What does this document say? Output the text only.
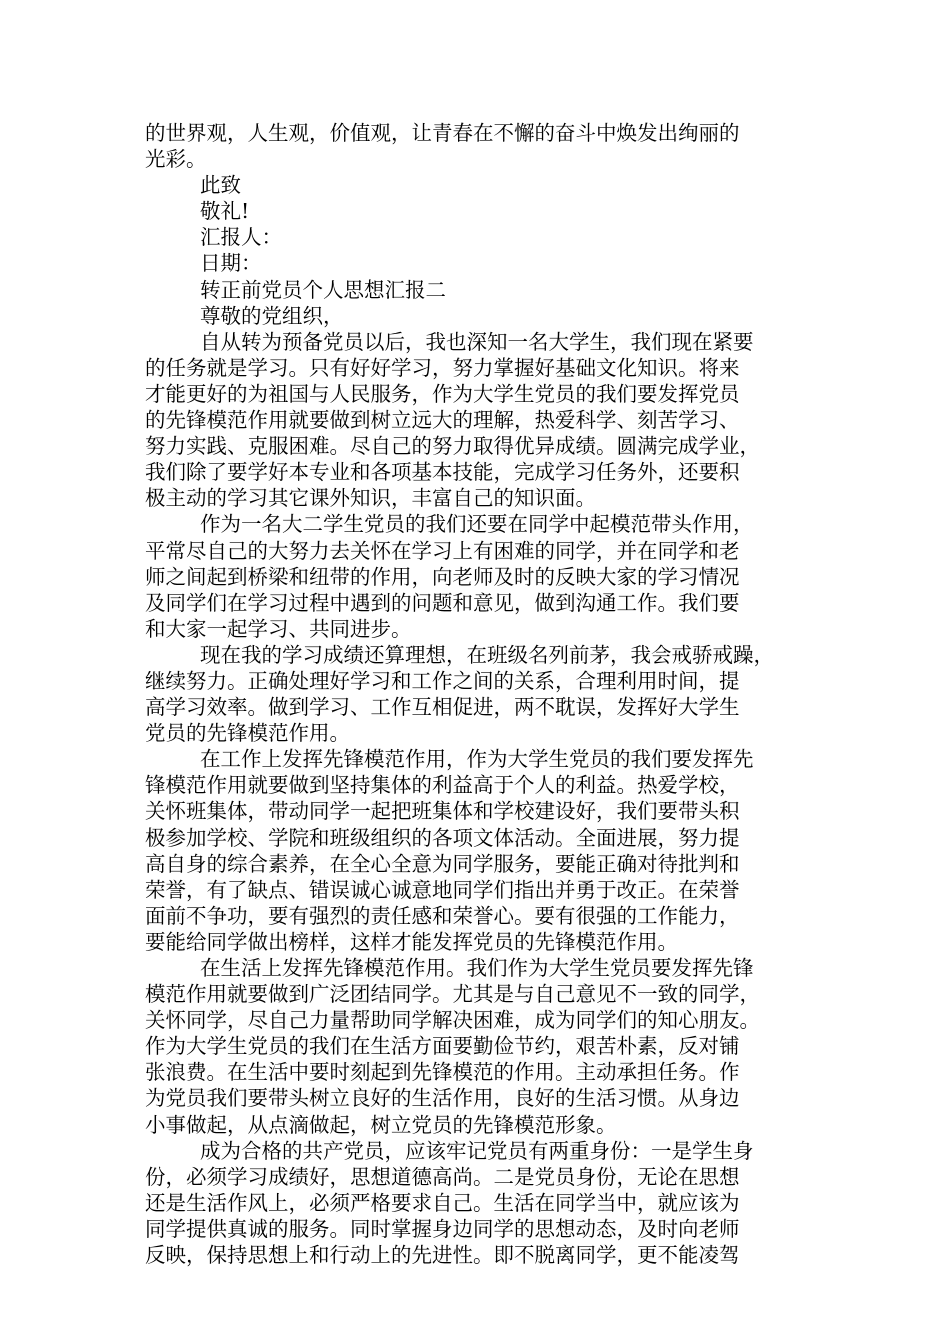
的世界观，人生观，价值观，让青春在不懈的奋斗中焕发出绚丽的
光彩。
此致
敬礼!
汇报人：
日期：
转正前党员个人思想汇报二
尊敬的党组织，
自从转为预备党员以后，我也深知一名大学生，我们现在紧要
的任务就是学习。只有好好学习，努力掌握好基础文化知识。将来
才能更好的为祖国与人民服务，作为大学生党员的我们要发挥党员
的先锋模范作用就要做到树立远大的理解，热爱科学、刻苦学习、
努力实践、克服困难。尽自己的努力取得优异成绩。圆满完成学业，
我们除了要学好本专业和各项基本技能，完成学习任务外，还要积
极主动的学习其它课外知识，丰富自己的知识面。
作为一名大二学生党员的我们还要在同学中起模范带头作用，
平常尽自己的大努力去关怀在学习上有困难的同学，并在同学和老
师之间起到桥梁和纽带的作用，向老师及时的反映大家的学习情况
及同学们在学习过程中遇到的问题和意见，做到沟通工作。我们要
和大家一起学习、共同进步。
现在我的学习成绩还算理想，在班级名列前茅，我会戒骄戒躁，
继续努力。正确处理好学习和工作之间的关系，合理利用时间，提
高学习效率。做到学习、工作互相促进，两不耽误，发挥好大学生
党员的先锋模范作用。
在工作上发挥先锋模范作用，作为大学生党员的我们要发挥先
锋模范作用就要做到坚持集体的利益高于个人的利益。热爱学校，
关怀班集体，带动同学一起把班集体和学校建设好，我们要带头积
极参加学校、学院和班级组织的各项文体活动。全面进展，努力提
高自身的综合素养，在全心全意为同学服务，要能正确对待批判和
荣誉，有了缺点、错误诚心诚意地同学们指出并勇于改正。在荣誉
面前不争功，要有强烈的责任感和荣誉心。要有很强的工作能力，
要能给同学做出榜样，这样才能发挥党员的先锋模范作用。
在生活上发挥先锋模范作用。我们作为大学生党员要发挥先锋
模范作用就要做到广泛团结同学。尤其是与自己意见不一致的同学，
关怀同学，尽自己力量帮助同学解决困难，成为同学们的知心朋友。
作为大学生党员的我们在生活方面要勤俭节约，艰苦朴素，反对铺
张浪费。在生活中要时刻起到先锋模范的作用。主动承担任务。作
为党员我们要带头树立良好的生活作用，良好的生活习惯。从身边
小事做起，从点滴做起，树立党员的先锋模范形象。
成为合格的共产党员，应该牢记党员有两重身份：一是学生身
份，必须学习成绩好，思想道德高尚。二是党员身份，无论在思想
还是生活作风上，必须严格要求自己。生活在同学当中，就应该为
同学提供真诚的服务。同时掌握身边同学的思想动态，及时向老师
反映，保持思想上和行动上的先进性。即不脱离同学，更不能凌驾
